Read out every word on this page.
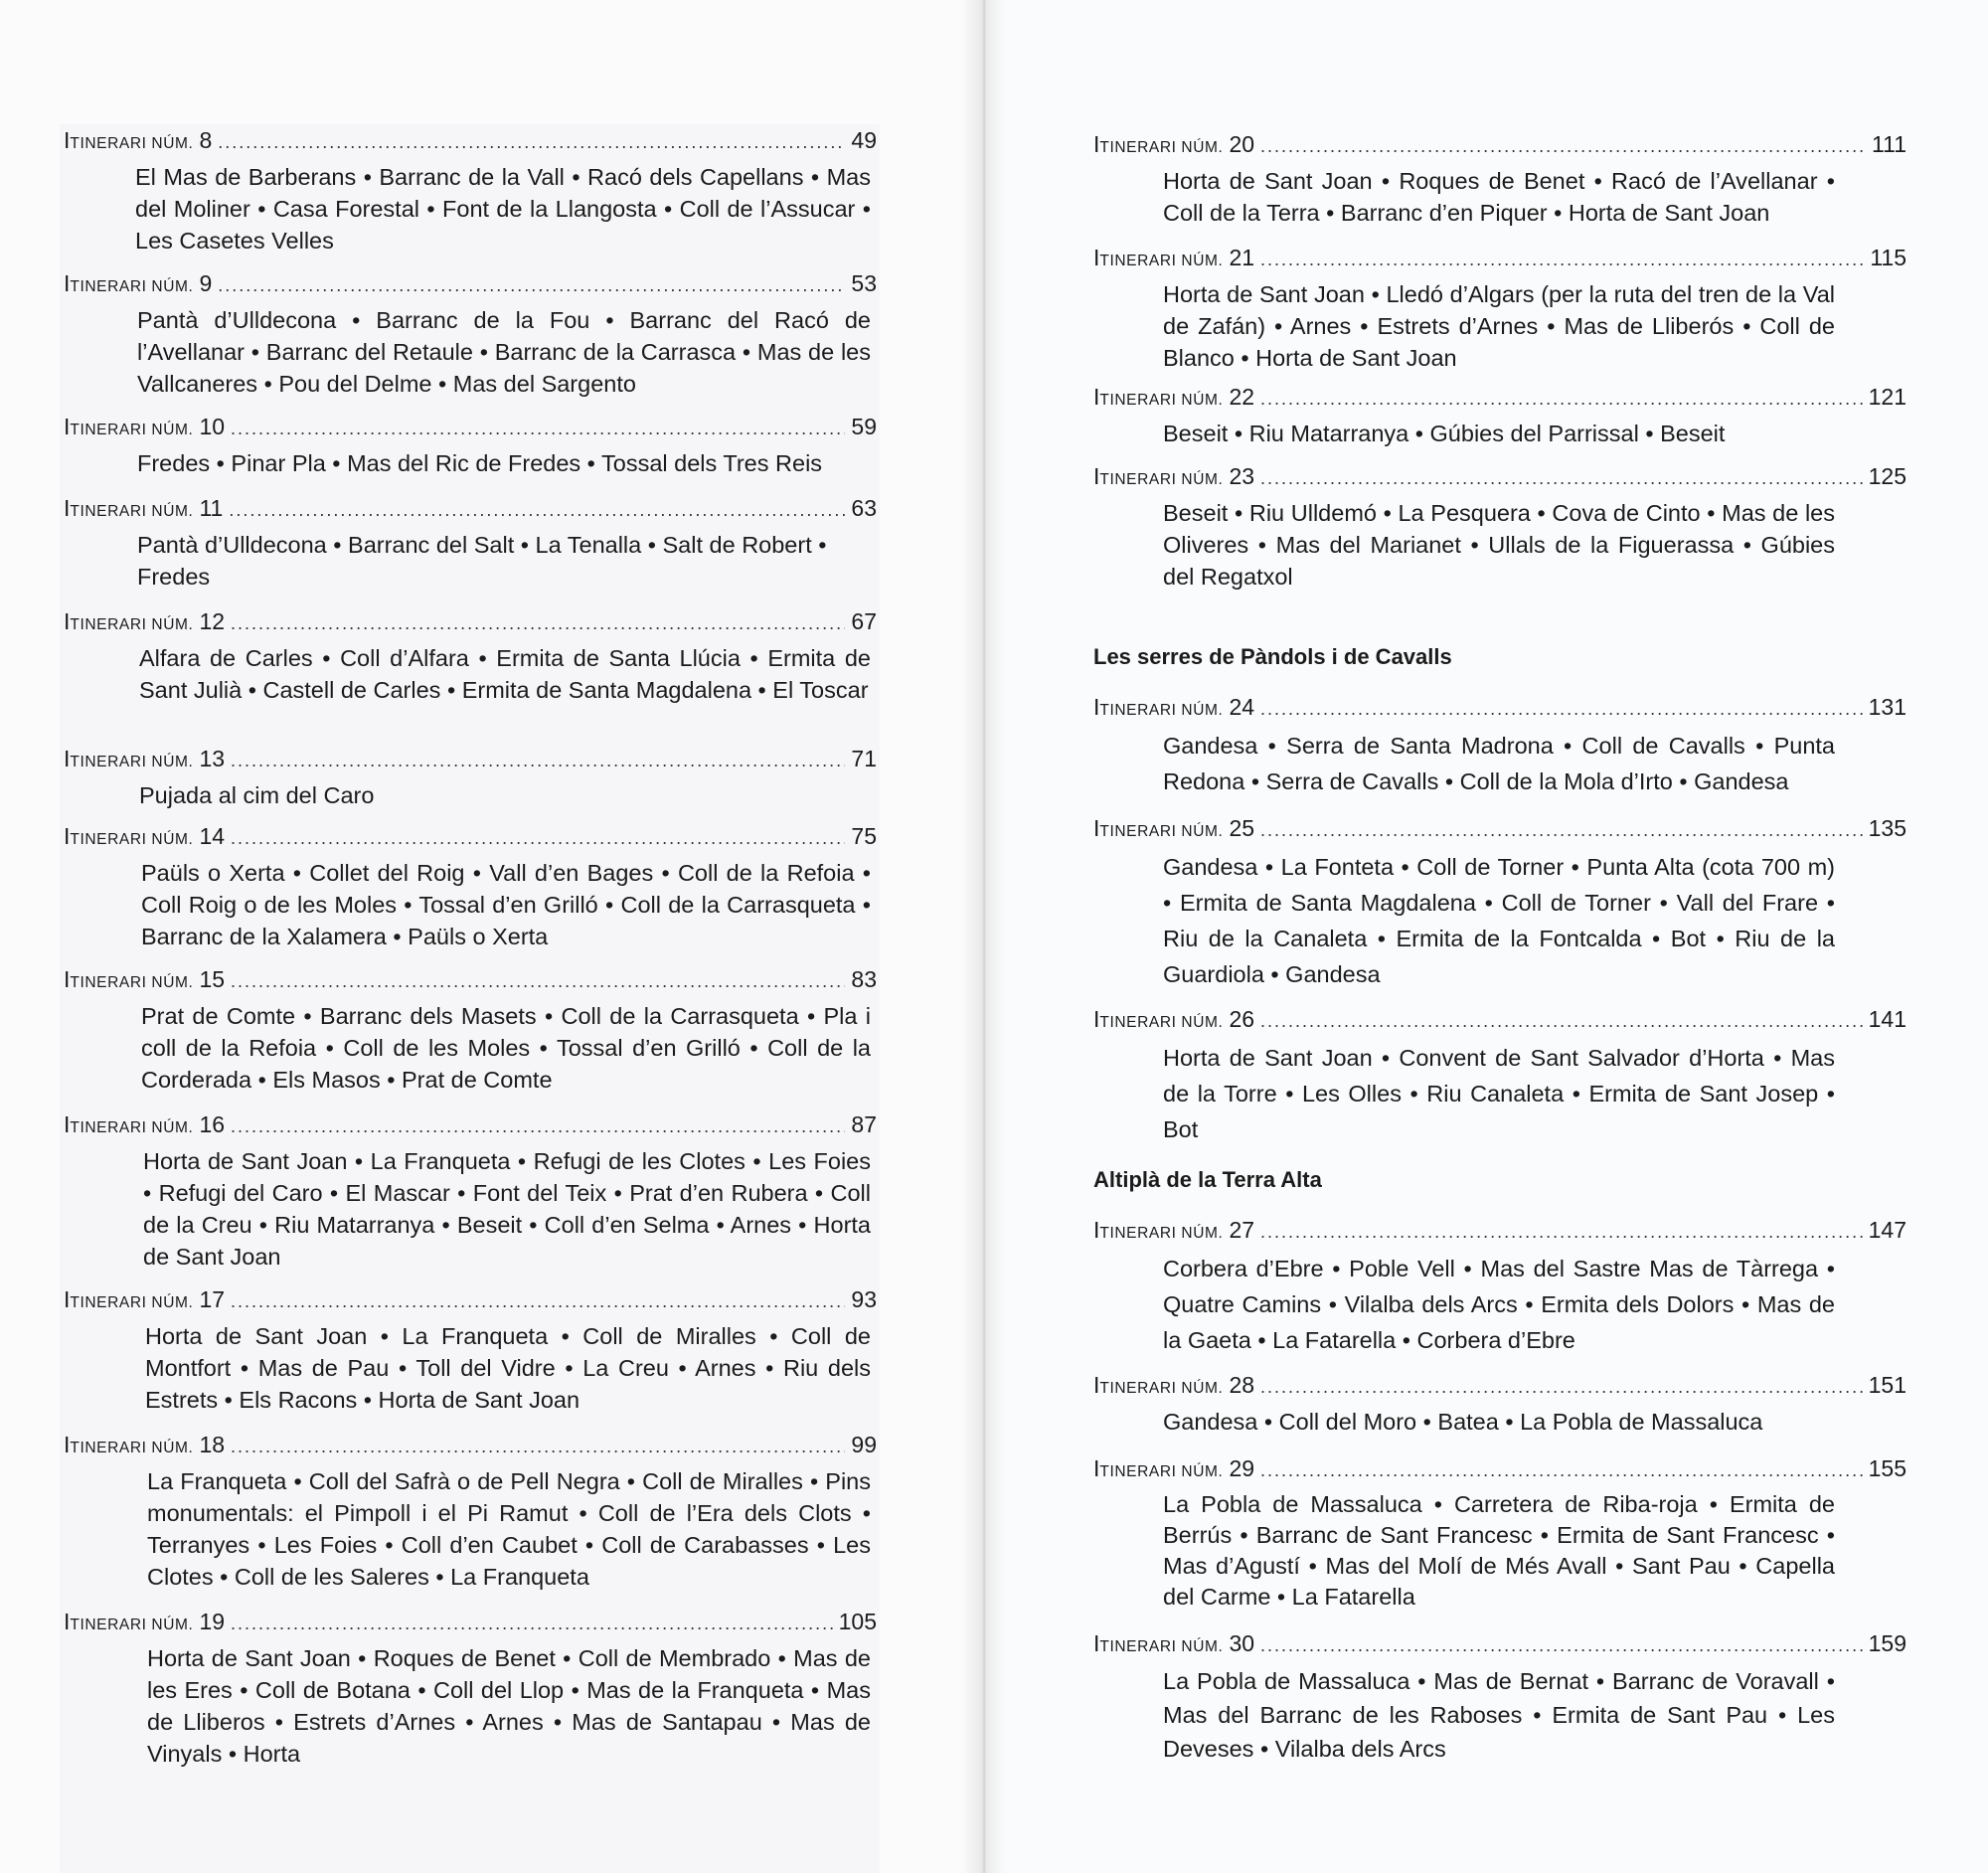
ITINERARI NÚM. 8 .....	49

El Mas de Barberans • Barranc de la Vall • Racó dels Capellans • Mas del Moliner • Casa Forestal • Font de la Llangosta • Coll de l’Assucar • Les Casetes Velles

ITINERARI NÚM. 9 .....	53

Pantà d’Ulldecona • Barranc de la Fou • Barranc del Racó de l’Avellanar • Barranc del Retaule • Barranc de la Carrasca • Mas de les Vallcaneres • Pou del Delme • Mas del Sargento

ITINERARI NÚM. 10 .....	59

Fredes • Pinar Pla • Mas del Ric de Fredes • Tossal dels Tres Reis

ITINERARI NÚM. 11 .....	63

Pantà d’Ulldecona • Barranc del Salt • La Tenalla • Salt de Robert • Fredes

ITINERARI NÚM. 12 .....	67

Alfara de Carles • Coll d’Alfara • Ermita de Santa Llúcia • Ermita de Sant Julià • Castell de Carles • Ermita de Santa Magdalena • El Toscar

ITINERARI NÚM. 13 .....	71

Pujada al cim del Caro

ITINERARI NÚM. 14 .....	75

Paüls o Xerta • Collet del Roig • Vall d’en Bages • Coll de la Refoia • Coll Roig o de les Moles • Tossal d’en Grilló • Coll de la Carrasqueta • Barranc de la Xalamera • Paüls o Xerta

ITINERARI NÚM. 15 .....	83

Prat de Comte • Barranc dels Masets • Coll de la Carrasqueta • Pla i coll de la Refoia • Coll de les Moles • Tossal d’en Grilló • Coll de la Corderada • Els Masos • Prat de Comte

ITINERARI NÚM. 16 .....	87

Horta de Sant Joan • La Franqueta • Refugi de les Clotes • Les Foies • Refugi del Caro • El Mascar • Font del Teix • Prat d’en Rubera • Coll de la Creu • Riu Matarranya • Beseit • Coll d’en Selma • Arnes • Horta de Sant Joan

ITINERARI NÚM. 17 .....	93

Horta de Sant Joan • La Franqueta • Coll de Miralles • Coll de Montfort • Mas de Pau • Toll del Vidre • La Creu • Arnes • Riu dels Estrets • Els Racons • Horta de Sant Joan

ITINERARI NÚM. 18 .....	99

La Franqueta • Coll del Safrà o de Pell Negra • Coll de Miralles • Pins monumentals: el Pimpoll i el Pi Ramut • Coll de l’Era dels Clots • Terranyes • Les Foies • Coll d’en Caubet • Coll de Carabasses • Les Clotes • Coll de les Saleres • La Franqueta

ITINERARI NÚM. 19 .....	105

Horta de Sant Joan • Roques de Benet • Coll de Membrado • Mas de les Eres • Coll de Botana • Coll del Llop • Mas de la Franqueta • Mas de Lliberos • Estrets d’Arnes • Arnes • Mas de Santapau • Mas de Vinyals • Horta

ITINERARI NÚM. 20 .....	111

Horta de Sant Joan • Roques de Benet • Racó de l’Avellanar • Coll de la Terra • Barranc d’en Piquer • Horta de Sant Joan

ITINERARI NÚM. 21 .....	115

Horta de Sant Joan • Lledó d’Algars (per la ruta del tren de la Val de Zafán) • Arnes • Estrets d’Arnes • Mas de Lliberós • Coll de Blanco • Horta de Sant Joan

ITINERARI NÚM. 22 .....	121

Beseit • Riu Matarranya • Gúbies del Parrissal • Beseit

ITINERARI NÚM. 23 .....	125

Beseit • Riu Ulldemó • La Pesquera • Cova de Cinto • Mas de les Oliveres • Mas del Marianet • Ullals de la Figuerassa • Gúbies del Regatxol

Les serres de Pàndols i de Cavalls
ITINERARI NÚM. 24 .....	131

Gandesa • Serra de Santa Madrona • Coll de Cavalls • Punta Redona • Serra de Cavalls • Coll de la Mola d’Irto • Gandesa

ITINERARI NÚM. 25 .....	135

Gandesa • La Fonteta • Coll de Torner • Punta Alta (cota 700 m) • Ermita de Santa Magdalena • Coll de Torner • Vall del Frare • Riu de la Canaleta • Ermita de la Fontcalda • Bot • Riu de la Guardiola • Gandesa

ITINERARI NÚM. 26 .....	141

Horta de Sant Joan • Convent de Sant Salvador d’Horta • Mas de la Torre • Les Olles • Riu Canaleta • Ermita de Sant Josep • Bot

Altiplà de la Terra Alta
ITINERARI NÚM. 27 .....	147

Corbera d’Ebre • Poble Vell • Mas del Sastre Mas de Tàrrega • Quatre Camins • Vilalba dels Arcs • Ermita dels Dolors • Mas de la Gaeta • La Fatarella • Corbera d’Ebre

ITINERARI NÚM. 28 .....	151

Gandesa • Coll del Moro • Batea • La Pobla de Massaluca

ITINERARI NÚM. 29 .....	155

La Pobla de Massaluca • Carretera de Riba-roja • Ermita de Berrús • Barranc de Sant Francesc • Ermita de Sant Francesc • Mas d’Agustí • Mas del Molí de Més Avall • Sant Pau • Capella del Carme • La Fatarella

ITINERARI NÚM. 30 .....	159

La Pobla de Massaluca • Mas de Bernat • Barranc de Voravall • Mas del Barranc de les Raboses • Ermita de Sant Pau • Les Deveses • Vilalba dels Arcs
